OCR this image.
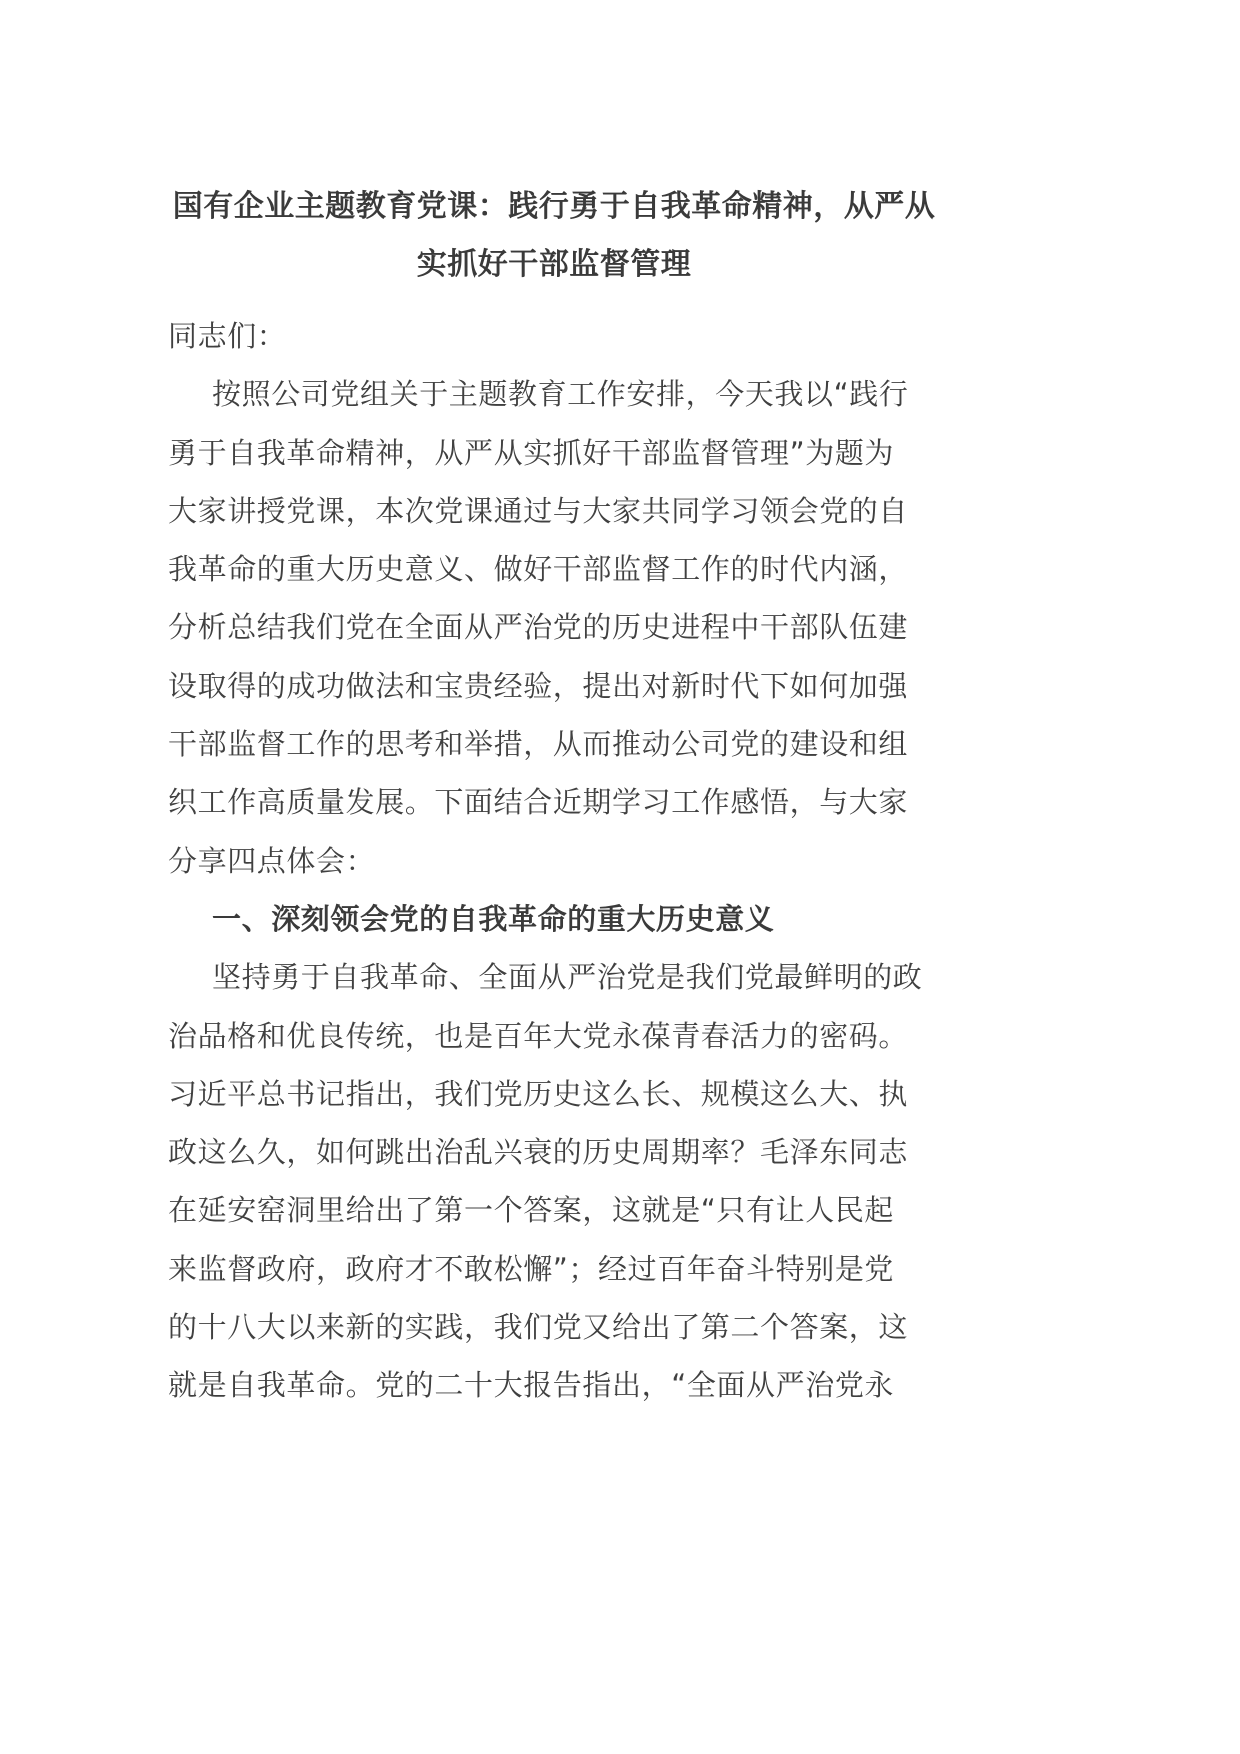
国有企业主题教育党课：践行勇于自我革命精神，从严从
实抓好干部监督管理
同志们：
按照公司党组关于主题教育工作安排，今天我以“践行
勇于自我革命精神，从严从实抓好干部监督管理”为题为
大家讲授党课，本次党课通过与大家共同学习领会党的自
我革命的重大历史意义、做好干部监督工作的时代内涵，
分析总结我们党在全面从严治党的历史进程中干部队伍建
设取得的成功做法和宝贵经验，提出对新时代下如何加强
干部监督工作的思考和举措，从而推动公司党的建设和组
织工作高质量发展。下面结合近期学习工作感悟，与大家
分享四点体会：
一、深刻领会党的自我革命的重大历史意义
坚持勇于自我革命、全面从严治党是我们党最鲜明的政
治品格和优良传统，也是百年大党永葆青春活力的密码。
习近平总书记指出，我们党历史这么长、规模这么大、执
政这么久，如何跳出治乱兴衰的历史周期率？毛泽东同志
在延安窑洞里给出了第一个答案，这就是“只有让人民起
来监督政府，政府才不敢松懈”；经过百年奋斗特别是党
的十八大以来新的实践，我们党又给出了第二个答案，这
就是自我革命。党的二十大报告指出，“全面从严治党永
